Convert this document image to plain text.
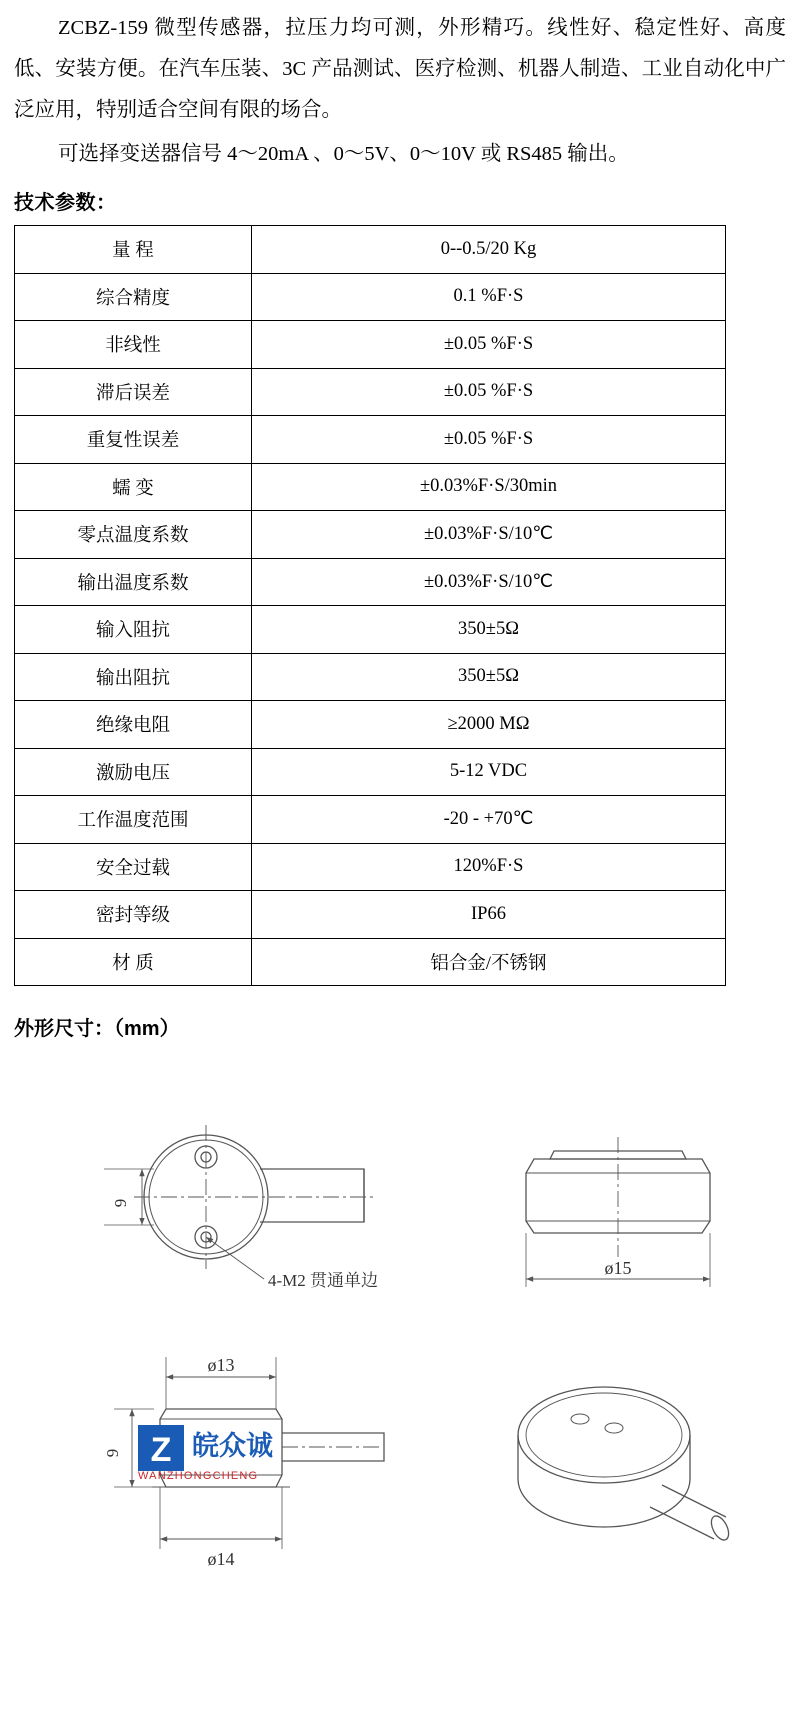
ZCBZ-159 微型传感器，拉压力均可测，外形精巧。线性好、稳定性好、高度低、安装方便。在汽车压装、3C 产品测试、医疗检测、机器人制造、工业自动化中广泛应用，特别适合空间有限的场合。

可选择变送器信号 4～20mA 、0～5V、0～10V 或 RS485 输出。

技术参数：
量 程	0--0.5/20 Kg
综合精度	0.1 %F·S
非线性	±0.05 %F·S
滞后误差	±0.05 %F·S
重复性误差	±0.05 %F·S
蠕 变	±0.03%F·S/30min
零点温度系数	±0.03%F·S/10℃
输出温度系数	±0.03%F·S/10℃
输入阻抗	350±5Ω
输出阻抗	350±5Ω
绝缘电阻	≥2000 MΩ
激励电压	5-12 VDC
工作温度范围	-20 - +70℃
安全过载	120%F·S
密封等级	IP66
材 质	铝合金/不锈钢
外形尺寸：（mm）
9
4-M2 贯通单边
ø15
ø13
9
ø14
Z 皖众诚
WANZHONGCHENG
